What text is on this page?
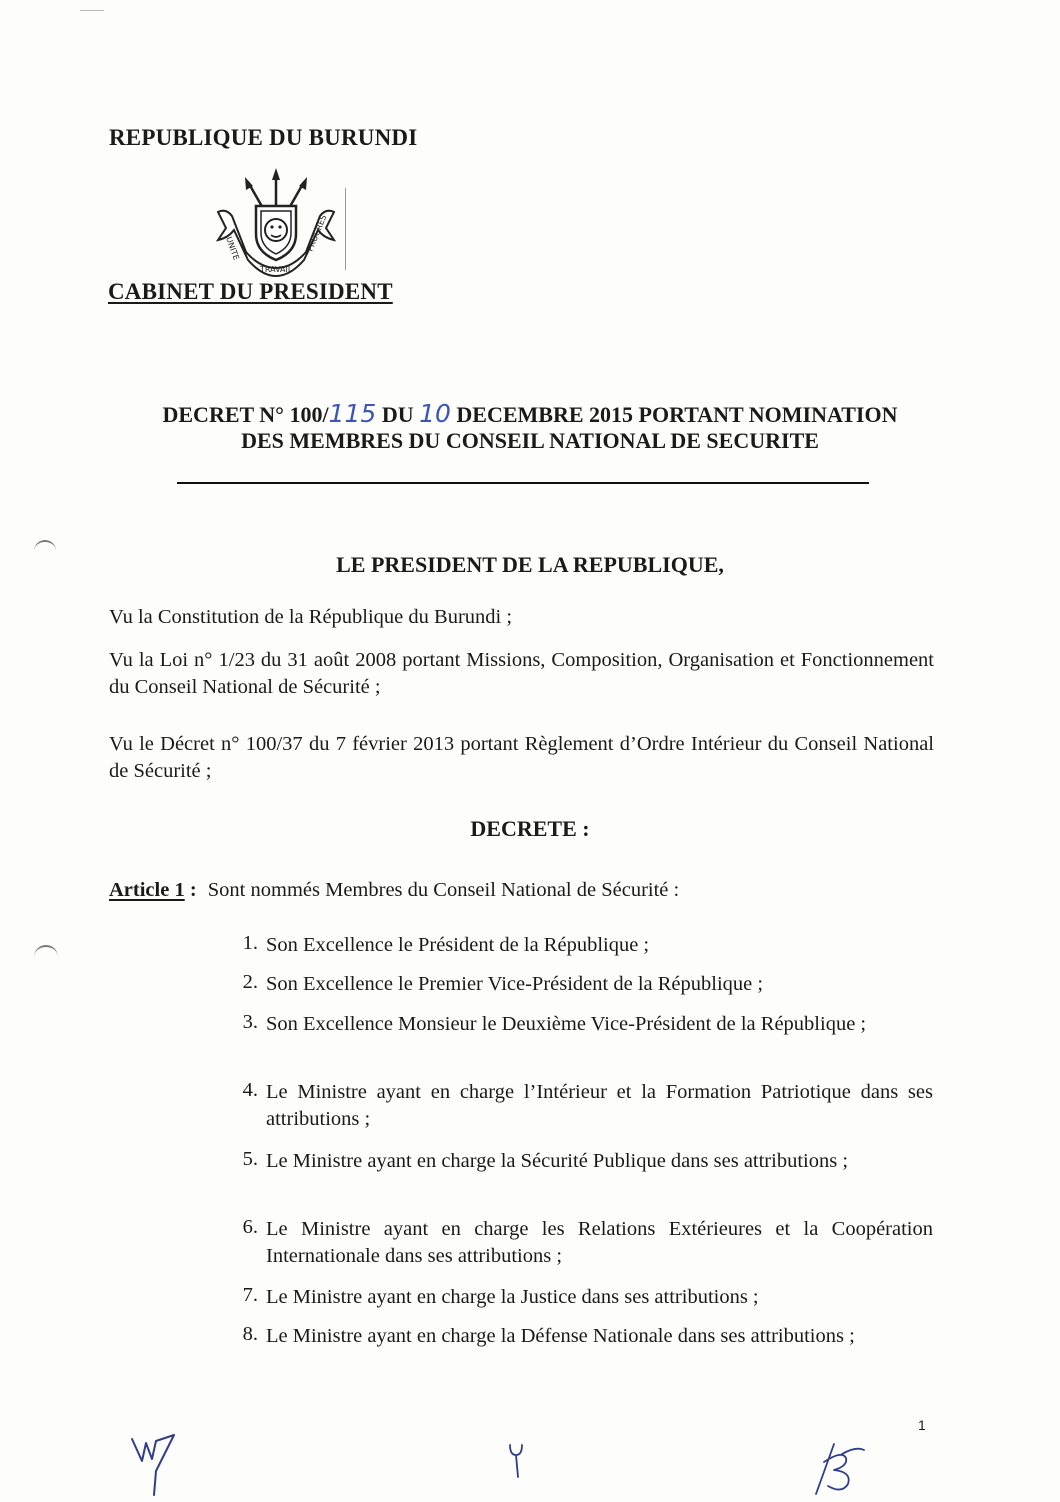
REPUBLIQUE DU BURUNDI
UNITE
TRAVAIL
PROGRES
CABINET DU PRESIDENT
DECRET N° 100/115 DU 10 DECEMBRE 2015 PORTANT NOMINATION
DES MEMBRES DU CONSEIL NATIONAL DE SECURITE
LE PRESIDENT DE LA REPUBLIQUE,
Vu la Constitution de la République du Burundi ;
Vu la Loi n° 1/23 du 31 août 2008 portant Missions, Composition, Organisation et Fonctionnement du Conseil National de Sécurité ;
Vu le Décret n° 100/37 du 7 février 2013 portant Règlement d’Ordre Intérieur du Conseil National de Sécurité ;
DECRETE :
Article 1 : Sont nommés Membres du Conseil National de Sécurité :
1. Son Excellence le Président de la République ;
2. Son Excellence le Premier Vice-Président de la République ;
3. Son Excellence Monsieur le Deuxième Vice-Président de la République ;
4. Le Ministre ayant en charge l’Intérieur et la Formation Patriotique dans ses attributions ;
5. Le Ministre ayant en charge la Sécurité Publique dans ses attributions ;
6. Le Ministre ayant en charge les Relations Extérieures et la Coopération Internationale dans ses attributions ;
7. Le Ministre ayant en charge la Justice dans ses attributions ;
8. Le Ministre ayant en charge la Défense Nationale dans ses attributions ;
1
